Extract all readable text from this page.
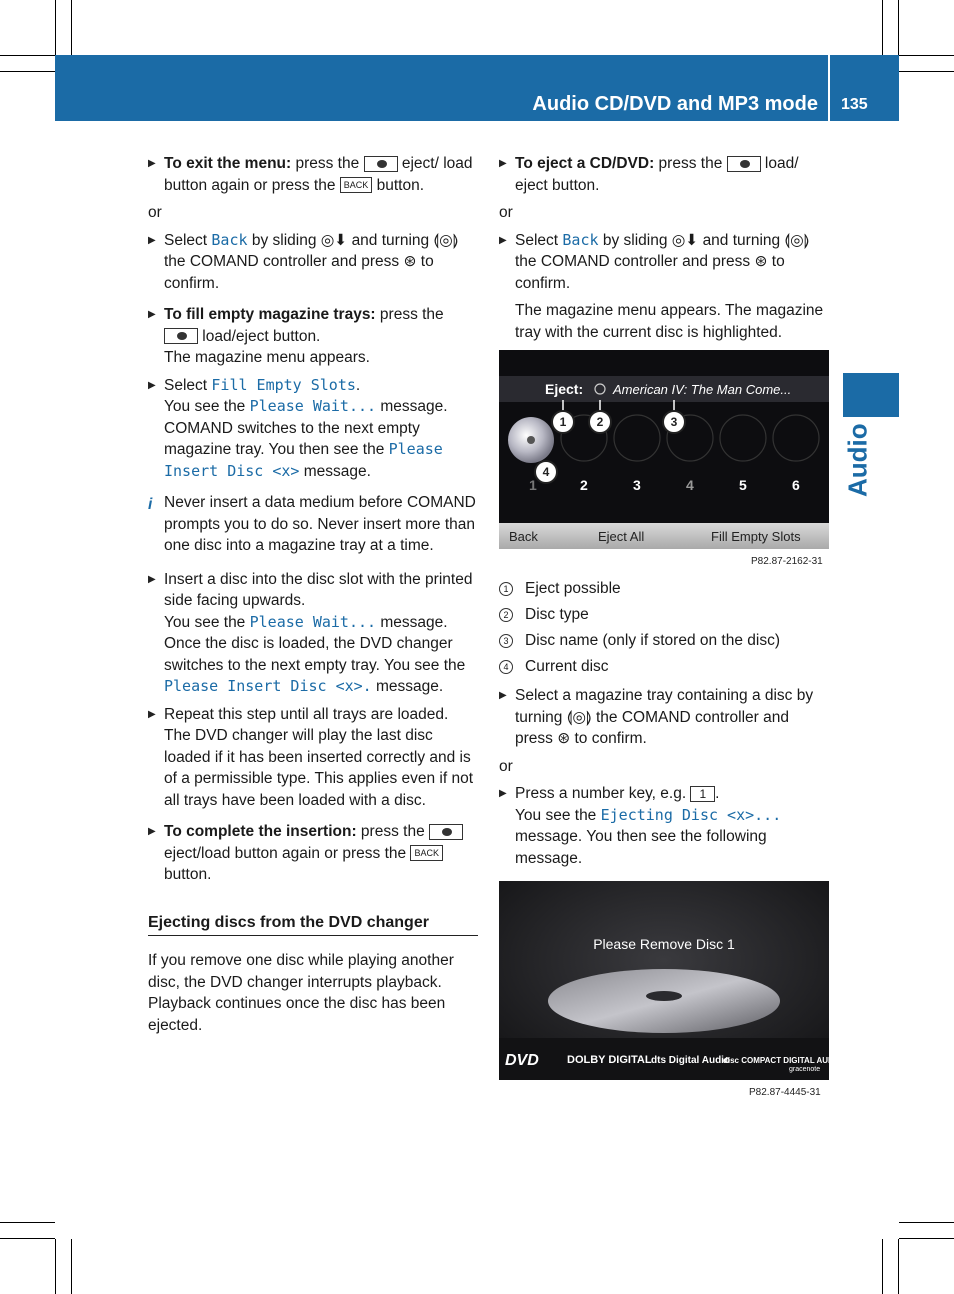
Audio CD/DVD and MP3 mode 135
Audio
▶ To exit the menu: press the  eject/ load button again or press the BACK button.
or
▶ Select Back by sliding ◎⬇ and turning ⟬◎⟭ the COMAND controller and press ⊛ to confirm.
▶ To fill empty magazine trays: press the  load/eject button.
The magazine menu appears.
▶ Select Fill Empty Slots.
You see the Please Wait... message. COMAND switches to the next empty magazine tray. You then see the Please Insert Disc <x> message.
i Never insert a data medium before COMAND prompts you to do so. Never insert more than one disc into a magazine tray at a time.
▶ Insert a disc into the disc slot with the printed side facing upwards.
You see the Please Wait... message. Once the disc is loaded, the DVD changer switches to the next empty tray. You see the Please Insert Disc <x>. message.
▶ Repeat this step until all trays are loaded. The DVD changer will play the last disc loaded if it has been inserted correctly and is of a permissible type. This applies even if not all trays have been loaded with a disc.
▶ To complete the insertion: press the  eject/load button again or press the BACK button.
Ejecting discs from the DVD changer
If you remove one disc while playing another disc, the DVD changer interrupts playback. Playback continues once the disc has been ejected.
▶ To eject a CD/DVD: press the  load/ eject button.
or
▶ Select Back by sliding ◎⬇ and turning ⟬◎⟭ the COMAND controller and press ⊛ to confirm.
The magazine menu appears. The magazine tray with the current disc is highlighted.
Eject: American IV: The Man Come...
1	2	3	4	5	6
1	2	3
4
Back	Eject All	Fill Empty Slots
P82.87-2162-31
1 Eject possible
2 Disc type
3 Disc name (only if stored on the disc)
4 Current disc
▶ Select a magazine tray containing a disc by turning ⟬◎⟭ the COMAND controller and press ⊛ to confirm.
or
▶ Press a number key, e.g. 1 .
You see the Ejecting Disc <x>... message. You then see the following message.
Please Remove Disc 1
DVD	DOLBY DIGITAL dts Digital Audio
disc COMPACT DIGITAL AUDIO
gracenote
P82.87-4445-31
